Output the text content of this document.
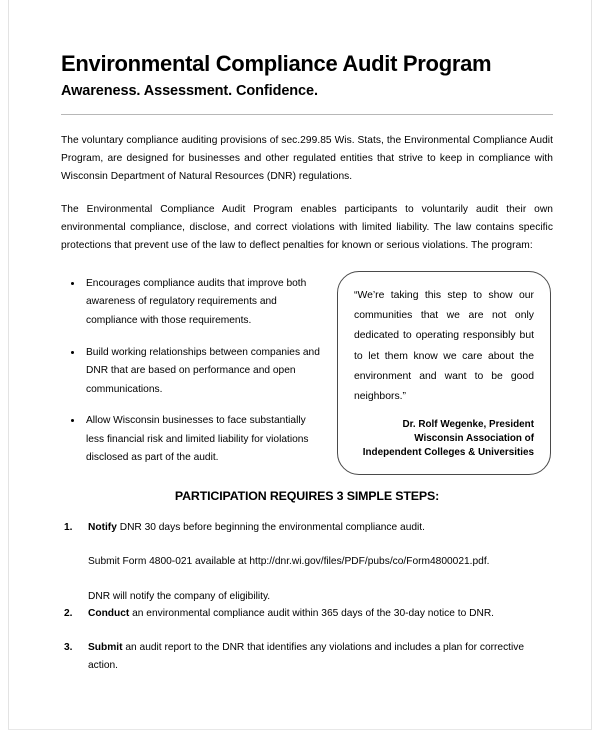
Environmental Compliance Audit Program
Awareness. Assessment. Confidence.

The voluntary compliance auditing provisions of sec.299.85 Wis. Stats, the Environmental Compliance Audit Program, are designed for businesses and other regulated entities that strive to keep in compliance with Wisconsin Department of Natural Resources (DNR) regulations.

The Environmental Compliance Audit Program enables participants to voluntarily audit their own environmental compliance, disclose, and correct violations with limited liability. The law contains specific protections that prevent use of the law to deflect penalties for known or serious violations. The program:

Encourages compliance audits that improve both awareness of regulatory requirements and compliance with those requirements.
Build working relationships between companies and DNR that are based on performance and open communications.
Allow Wisconsin businesses to face substantially less financial risk and limited liability for violations disclosed as part of the audit.

“We’re taking this step to show our communities that we are not only dedicated to operating responsibly but to let them know we care about the environment and want to be good neighbors.”

Dr. Rolf Wegenke, President
Wisconsin Association of
Independent Colleges & Universities

PARTICIPATION REQUIRES 3 SIMPLE STEPS:
1. Notify DNR 30 days before beginning the environmental compliance audit.
Submit Form 4800-021 available at http://dnr.wi.gov/files/PDF/pubs/co/Form4800021.pdf.
DNR will notify the company of eligibility.
2. Conduct an environmental compliance audit within 365 days of the 30-day notice to DNR.
3. Submit an audit report to the DNR that identifies any violations and includes a plan for corrective action.
